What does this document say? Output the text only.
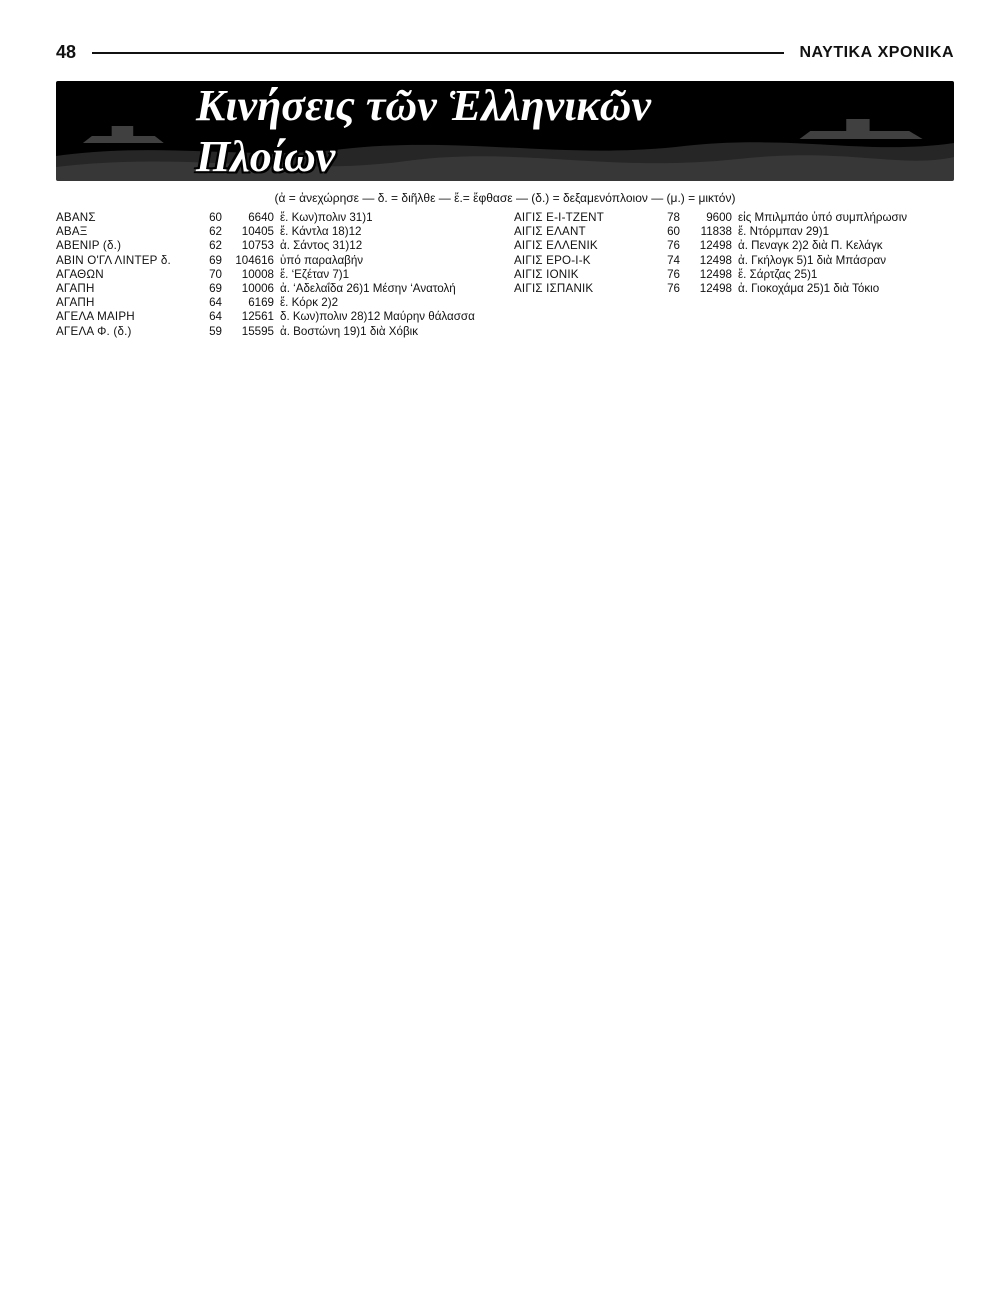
48	ΝΑΥΤΙΚΑ ΧΡΟΝΙΚΑ
Κινήσεις τῶν Ἑλληνικῶν Πλοίων
(ἀ = ἀνεχώρησε — δ. = διῆλθε — ἔ.= ἔφθασε — (δ.) = δεξαμενόπλοιον — (μ.) = μικτόν)
ΑΒΑΝΣ	60	6640 ἔ. Κων)πολιν 31)1
ΑΒΑΞ	62	10405 ἔ. Κάντλα 18)12
ΑΒΕΝΙΡ (δ.)	62	10753 ἀ. Σάντος 31)12
ΑΒΙΝ Ο'ΓΛ ΛΙΝΤΕΡ δ.	69	104616 ὑπό παραλαβήν
ΑΓΑΘΩΝ	70	10008 ἔ. ‘Εζέταν 7)1
ΑΓΑΠΗ	69	10006 ἀ. ‘Αδελαΐδα 26)1 Μέσην ‘Ανατολή
ΑΓΑΠΗ	64	6169 ἔ. Κόρκ 2)2
ΑΓΕΛΑ ΜΑΙΡΗ	64	12561 δ. Κων)πολιν 28)12 Μαύρην θάλασσα
ΑΓΕΛΑ Φ. (δ.)	59	15595 ἀ. Βοστώνη 19)1 διὰ Χόβικ
ΑΙΓΙΣ Ε-Ι-ΤΖΕΝΤ	78	9600 εἰς Μπιλμπάο ὑπό συμπλήρωσιν
ΑΙΓΙΣ ΕΛΑΝΤ	60	11838 ἔ. Ντόρμπαν 29)1
ΑΙΓΙΣ ΕΛΛΕΝΙΚ	76	12498 ἀ. Πεναγκ 2)2 διὰ Π. Κελάγκ
ΑΙΓΙΣ ΕΡΟ-Ι-Κ	74	12498 ἀ. Γκήλογκ 5)1 διὰ Μπάσραν
ΑΙΓΙΣ ΙΟΝΙΚ	76	12498 ἔ. Σάρτζας 25)1
ΑΙΓΙΣ ΙΣΠΑΝΙΚ	76	12498 ἀ. Γιοκοχάμα 25)1 διὰ Τόκιο
